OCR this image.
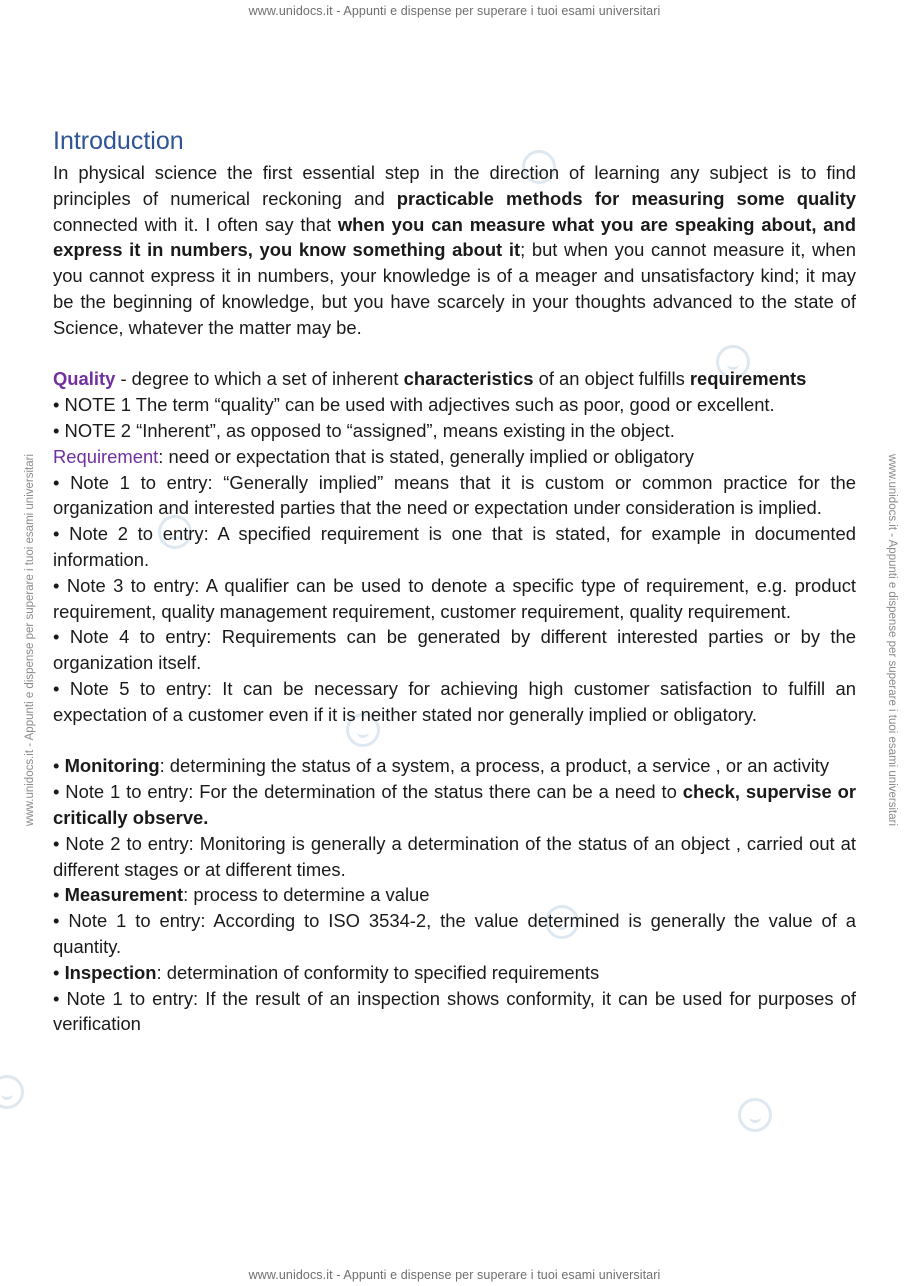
www.unidocs.it - Appunti e dispense per superare i tuoi esami universitari
www.unidocs.it - Appunti e dispense per superare i tuoi esami universitari
www.unidocs.it - Appunti e dispense per superare i tuoi esami universitari	www.unidocs.it - Appunti e dispense per superare i tuoi esami universitari
Introduction

In physical science the first essential step in the direction of learning any subject is to find principles of numerical reckoning and practicable methods for measuring some quality connected with it. I often say that when you can measure what you are speaking about, and express it in numbers, you know something about it; but when you cannot measure it, when you cannot express it in numbers, your knowledge is of a meager and unsatisfactory kind; it may be the beginning of knowledge, but you have scarcely in your thoughts advanced to the state of Science, whatever the matter may be.

Quality - degree to which a set of inherent characteristics of an object fulfills requirements

• NOTE 1 The term “quality” can be used with adjectives such as poor, good or excellent.

• NOTE 2 “Inherent”, as opposed to “assigned”, means existing in the object.

Requirement: need or expectation that is stated, generally implied or obligatory

• Note 1 to entry: “Generally implied” means that it is custom or common practice for the organization and interested parties that the need or expectation under consideration is implied.

• Note 2 to entry: A specified requirement is one that is stated, for example in documented information.

• Note 3 to entry: A qualifier can be used to denote a specific type of requirement, e.g. product requirement, quality management requirement, customer requirement, quality requirement.

• Note 4 to entry: Requirements can be generated by different interested parties or by the organization itself.

• Note 5 to entry: It can be necessary for achieving high customer satisfaction to fulfill an expectation of a customer even if it is neither stated nor generally implied or obligatory.

• Monitoring: determining the status of a system, a process, a product, a service , or an activity

• Note 1 to entry: For the determination of the status there can be a need to check, supervise or critically observe.

• Note 2 to entry: Monitoring is generally a determination of the status of an object , carried out at different stages or at different times.

• Measurement: process to determine a value

• Note 1 to entry: According to ISO 3534-2, the value determined is generally the value of a quantity.

• Inspection: determination of conformity to specified requirements

• Note 1 to entry: If the result of an inspection shows conformity, it can be used for purposes of verification
